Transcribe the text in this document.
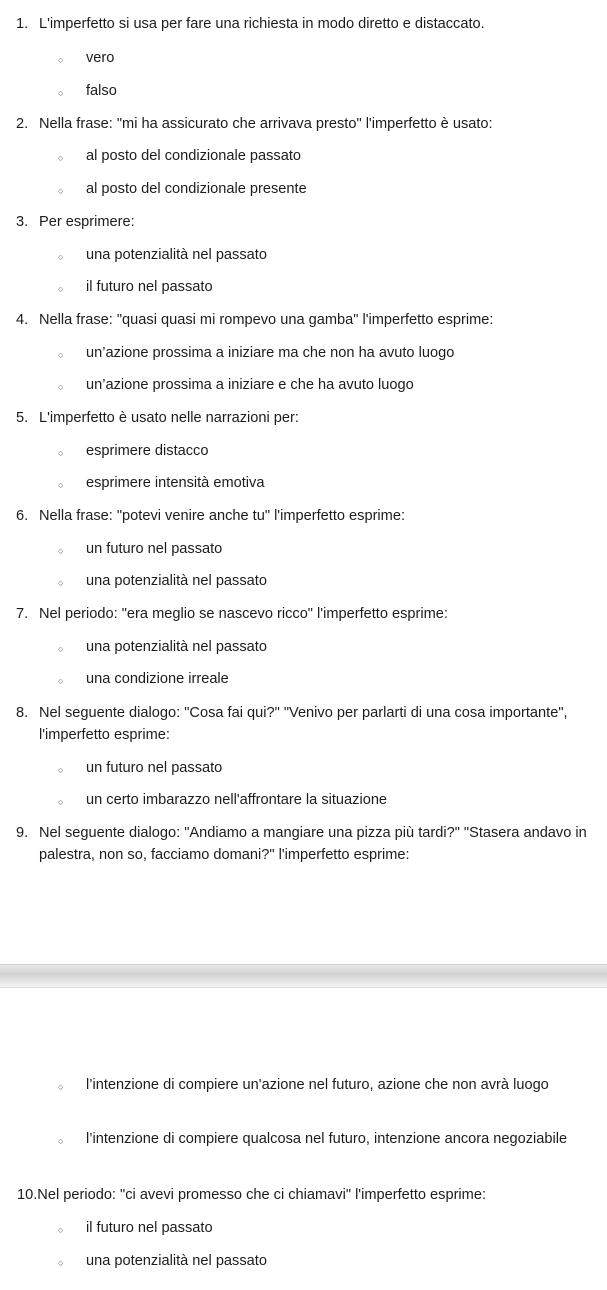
1. L'imperfetto si usa per fare una richiesta in modo diretto e distaccato.
○	vero
○	falso
2. Nella frase: "mi ha assicurato che arrivava presto" l'imperfetto è usato:
○	al posto del condizionale passato
○	al posto del condizionale presente
3. Per esprimere:
○	una potenzialità nel passato
○	il futuro nel passato
4. Nella frase: "quasi quasi mi rompevo una gamba" l'imperfetto esprime:
○	un’azione prossima a iniziare ma che non ha avuto luogo
○	un’azione prossima a iniziare e che ha avuto luogo
5. L'imperfetto è usato nelle narrazioni per:
○	esprimere distacco
○	esprimere intensità emotiva
6. Nella frase: "potevi venire anche tu" l'imperfetto esprime:
○	un futuro nel passato
○	una potenzialità nel passato
7. Nel periodo: "era meglio se nascevo ricco" l'imperfetto esprime:
○	una potenzialità nel passato
○	una condizione irreale
8. Nel seguente dialogo: "Cosa fai qui?" "Venivo per parlarti di una cosa importante", l'imperfetto esprime:
○	un futuro nel passato
○	un certo imbarazzo nell'affrontare la situazione
9. Nel seguente dialogo: "Andiamo a mangiare una pizza più tardi?" "Stasera andavo in palestra, non so, facciamo domani?" l'imperfetto esprime:
○	l’intenzione di compiere un'azione nel futuro, azione che non avrà luogo
○	l’intenzione di compiere qualcosa nel futuro, intenzione ancora negoziabile
10. Nel periodo: "ci avevi promesso che ci chiamavi" l'imperfetto esprime:
○	il futuro nel passato
○	una potenzialità nel passato
